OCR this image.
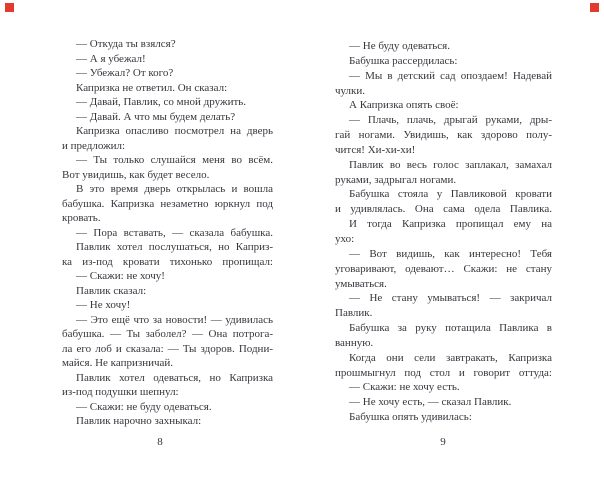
— Откуда ты взялся?
— А я убежал!
— Убежал? От кого?
Капризка не ответил. Он сказал:
— Давай, Павлик, со мной дружить.
— Давай. А что мы будем делать?
Капризка опасливо посмотрел на дверь
и предложил:
— Ты только слушайся меня во всём.
Вот увидишь, как будет весело.
В это время дверь открылась и вошла
бабушка. Капризка незаметно юркнул под
кровать.
— Пора вставать, — сказала бабушка.
Павлик хотел послушаться, но Каприз-
ка из-под кровати тихонько пропищал:
— Скажи: не хочу!
Павлик сказал:
— Не хочу!
— Это ещё что за новости! — удивилась
бабушка. — Ты заболел? — Она потрога-
ла его лоб и сказала: — Ты здоров. Подни-
майся. Не капризничай.
Павлик хотел одеваться, но Капризка
из-под подушки шепнул:
— Скажи: не буду одеваться.
Павлик нарочно захныкал:
8
— Не буду одеваться.
Бабушка рассердилась:
— Мы в детский сад опоздаем! Надевай
чулки.
А Капризка опять своё:
— Плачь, плачь, дрыгай руками, дры-
гай ногами. Увидишь, как здорово полу-
чится! Хи-хи-хи!
Павлик во весь голос заплакал, замахал
руками, задрыгал ногами.
Бабушка стояла у Павликовой кровати
и удивлялась. Она сама одела Павлика.
И тогда Капризка пропищал ему на
ухо:
— Вот видишь, как интересно! Тебя
уговаривают, одевают… Скажи: не стану
умываться.
— Не стану умываться! — закричал
Павлик.
Бабушка за руку потащила Павлика в
ванную.
Когда они сели завтракать, Капризка
прошмыгнул под стол и говорит оттуда:
— Скажи: не хочу есть.
— Не хочу есть, — сказал Павлик.
Бабушка опять удивилась:
9
